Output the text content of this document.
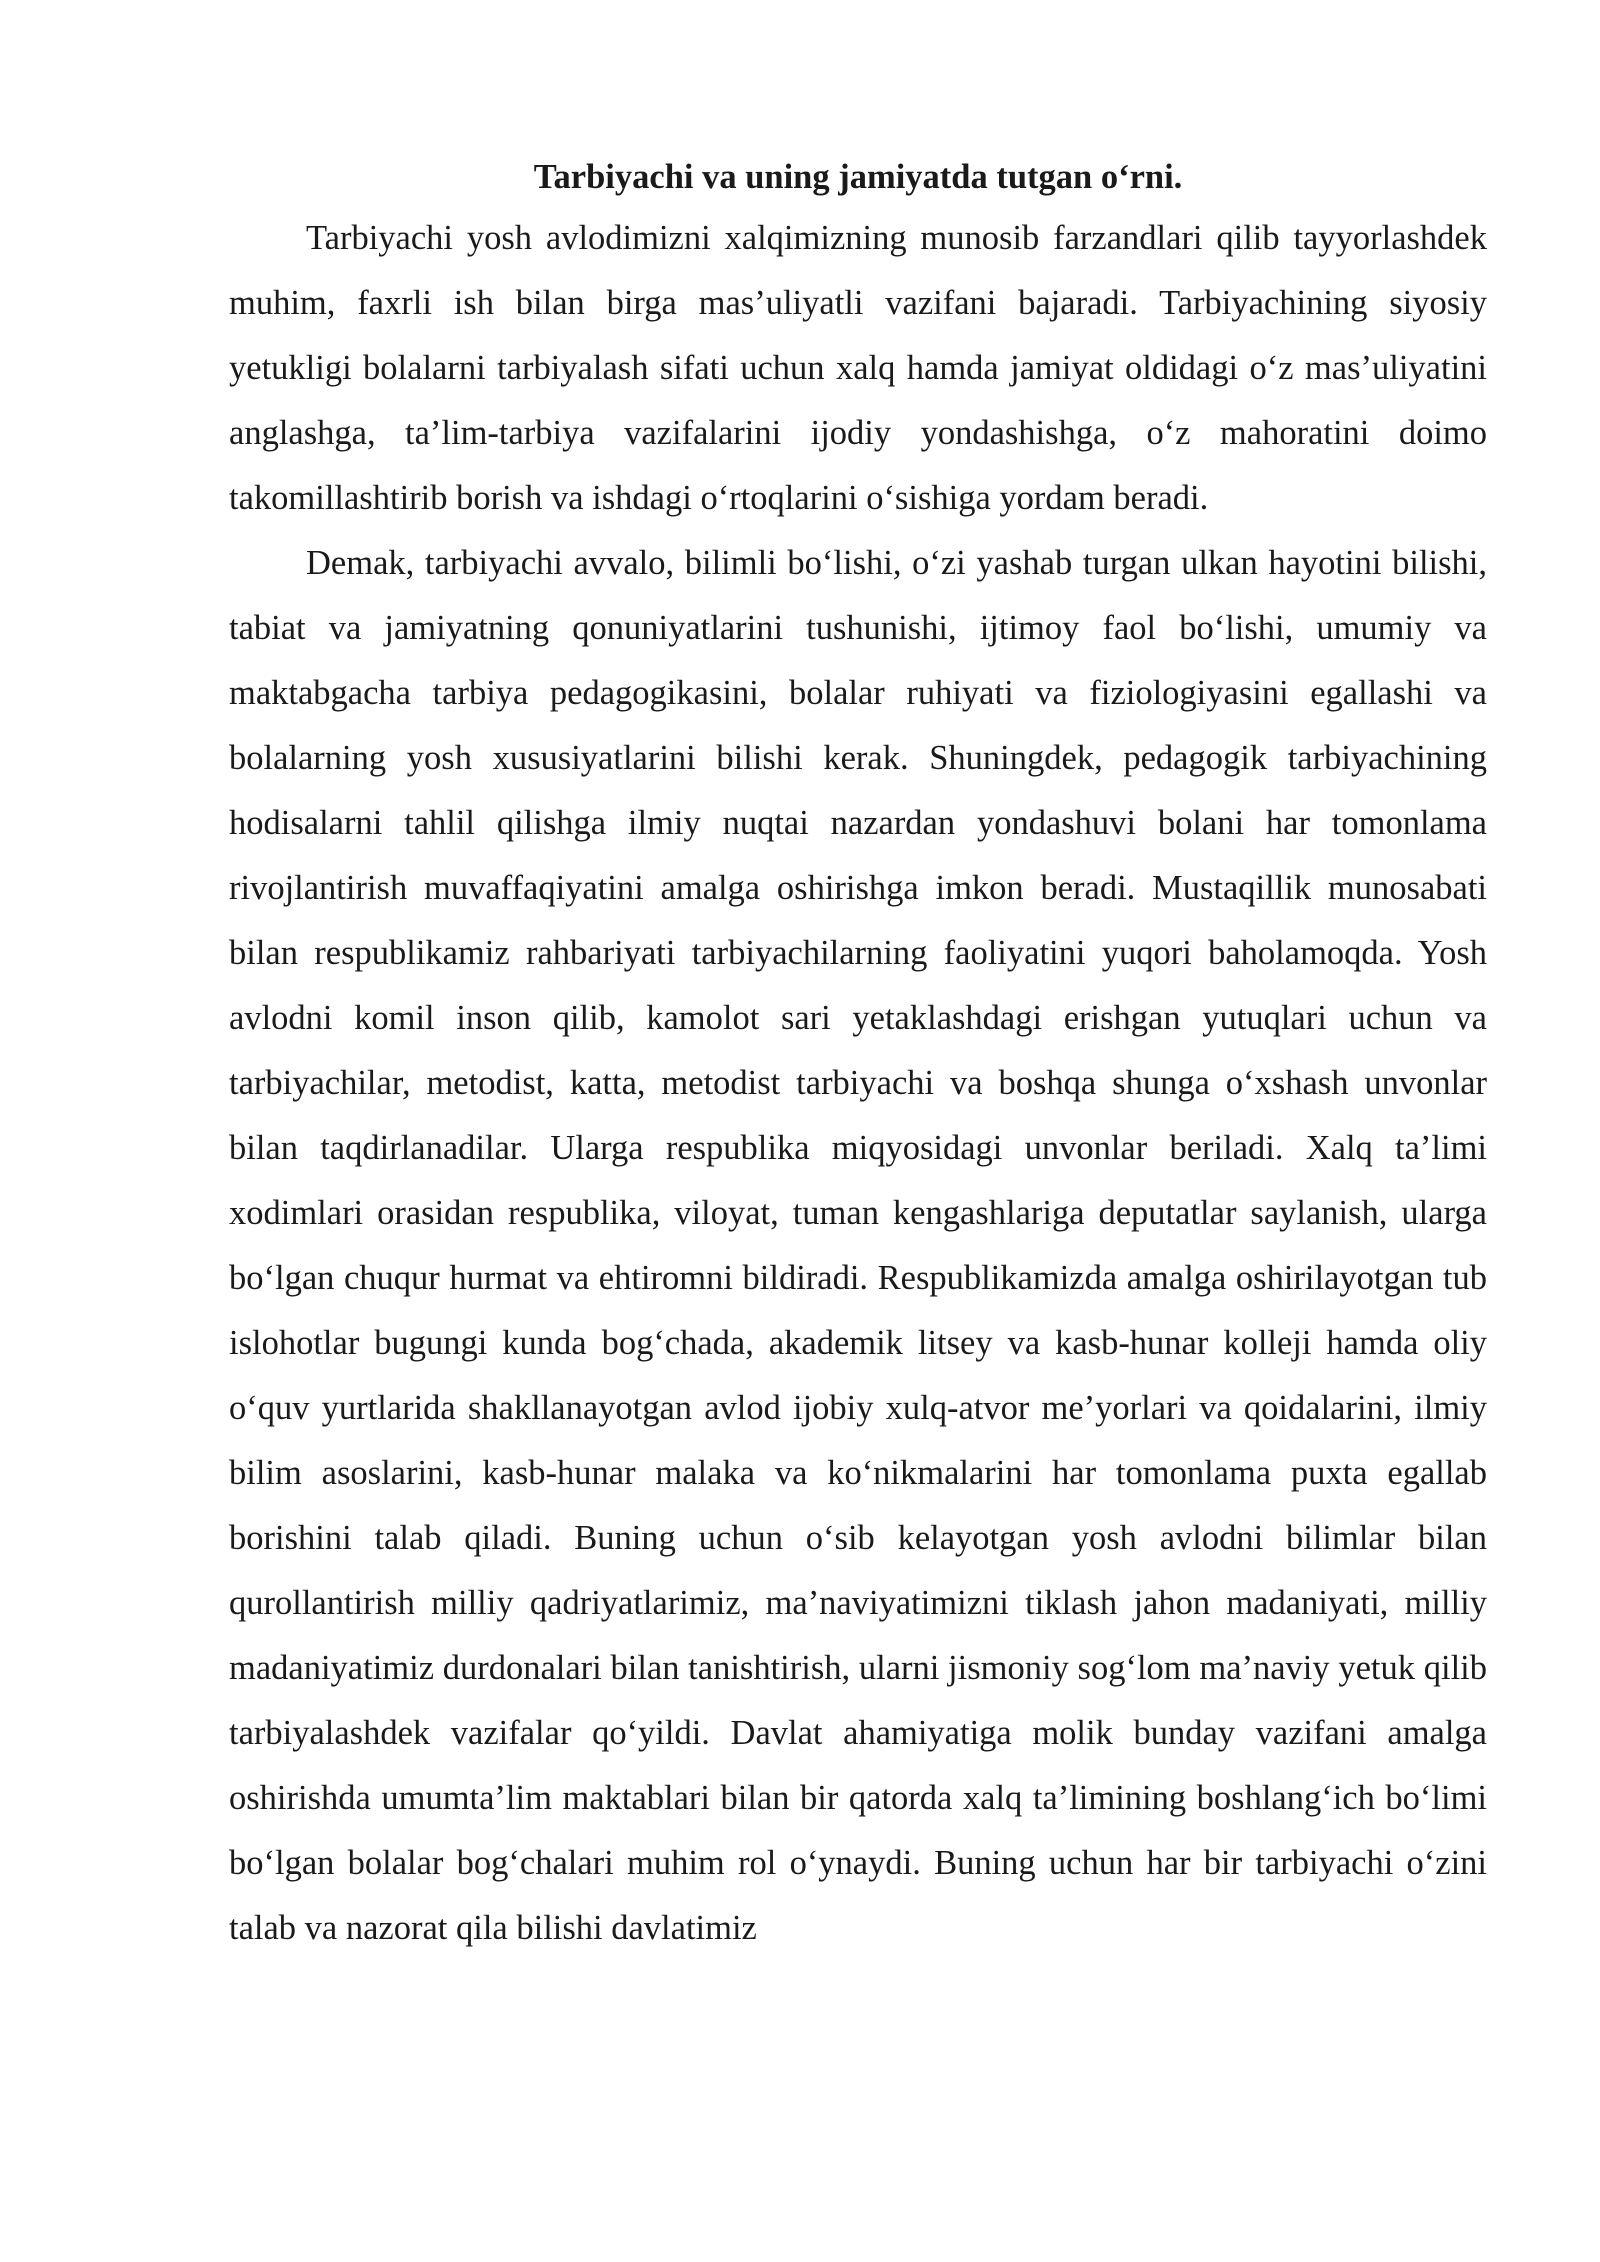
Tarbiyachi va uning jamiyatda tutgan o‘rni.

Tarbiyachi yosh avlodimizni xalqimizning munosib farzandlari qilib tayyorlashdek muhim, faxrli ish bilan birga mas’uliyatli vazifani bajaradi. Tarbiyachining siyosiy yetukligi bolalarni tarbiyalash sifati uchun xalq hamda jamiyat oldidagi o‘z mas’uliyatini anglashga, ta’lim-tarbiya vazifalarini ijodiy yondashishga, o‘z mahoratini doimo takomillashtirib borish va ishdagi o‘rtoqlarini o‘sishiga yordam beradi.

Demak, tarbiyachi avvalo, bilimli bo‘lishi, o‘zi yashab turgan ulkan hayotini bilishi, tabiat va jamiyatning qonuniyatlarini tushunishi, ijtimoy faol bo‘lishi, umumiy va maktabgacha tarbiya pedagogikasini, bolalar ruhiyati va fiziologiyasini egallashi va bolalarning yosh xususiyatlarini bilishi kerak. Shuningdek, pedagogik tarbiyachining hodisalarni tahlil qilishga ilmiy nuqtai nazardan yondashuvi bolani har tomonlama rivojlantirish muvaffaqiyatini amalga oshirishga imkon beradi. Mustaqillik munosabati bilan respublikamiz rahbariyati tarbiyachilarning faoliyatini yuqori baholamoqda. Yosh avlodni komil inson qilib, kamolot sari yetaklashdagi erishgan yutuqlari uchun va tarbiyachilar, metodist, katta, metodist tarbiyachi va boshqa shunga o‘xshash unvonlar bilan taqdirlanadilar. Ularga respublika miqyosidagi unvonlar beriladi. Xalq ta’limi xodimlari orasidan respublika, viloyat, tuman kengashlariga deputatlar saylanish, ularga bo‘lgan chuqur hurmat va ehtiromni bildiradi. Respublikamizda amalga oshirilayotgan tub islohotlar bugungi kunda bog‘chada, akademik litsey va kasb-hunar kolleji hamda oliy o‘quv yurtlarida shakllanayotgan avlod ijobiy xulq-atvor me’yorlari va qoidalarini, ilmiy bilim asoslarini, kasb-hunar malaka va ko‘nikmalarini har tomonlama puxta egallab borishini talab qiladi. Buning uchun o‘sib kelayotgan yosh avlodni bilimlar bilan qurollantirish milliy qadriyatlarimiz, ma’naviyatimizni tiklash jahon madaniyati, milliy madaniyatimiz durdonalari bilan tanishtirish, ularni jismoniy sog‘lom ma’naviy yetuk qilib tarbiyalashdek vazifalar qo‘yildi. Davlat ahamiyatiga molik bunday vazifani amalga oshirishda umumta’lim maktablari bilan bir qatorda xalq ta’limining boshlang‘ich bo‘limi bo‘lgan bolalar bog‘chalari muhim rol o‘ynaydi. Buning uchun har bir tarbiyachi o‘zini talab va nazorat qila bilishi davlatimiz
